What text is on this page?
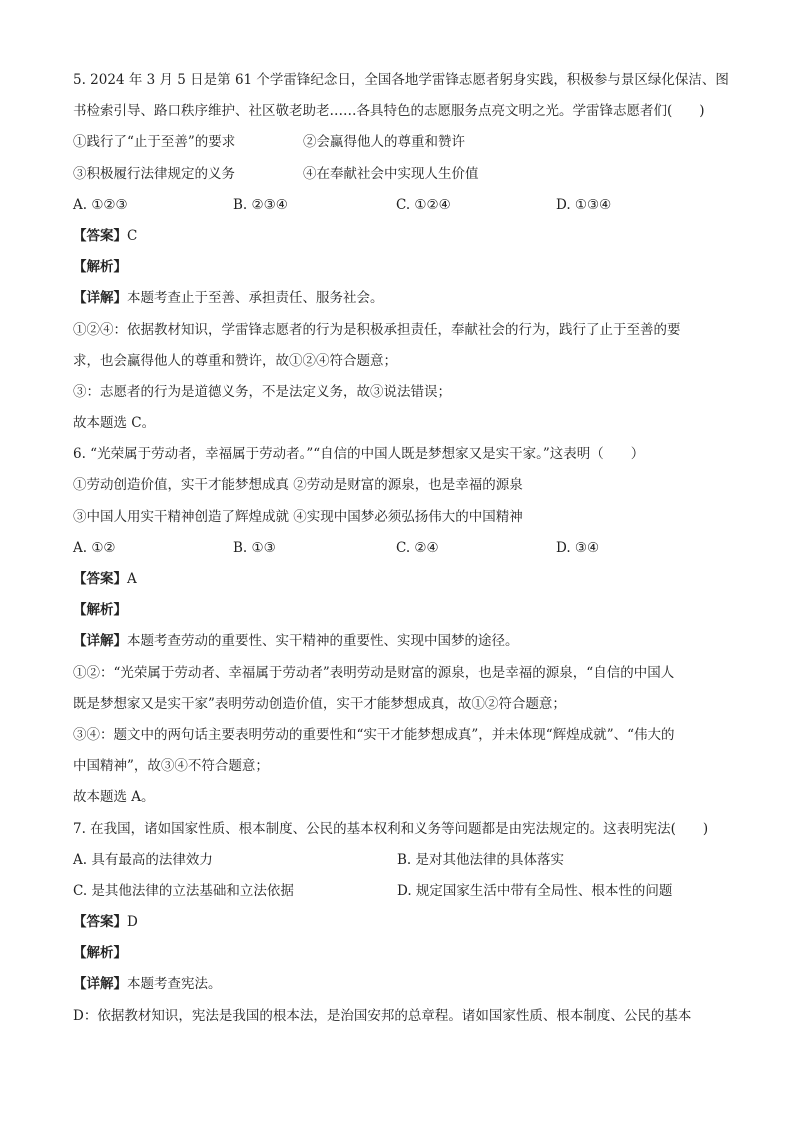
5. 2024 年 3 月 5 日是第 61 个学雷锋纪念日，全国各地学雷锋志愿者躬身实践，积极参与景区绿化保洁、图
书检索引导、路口秩序维护、社区敬老助老……各具特色的志愿服务点亮文明之光。学雷锋志愿者们(　　)
①践行了“止于至善”的要求	②会赢得他人的尊重和赞许
③积极履行法律规定的义务	④在奉献社会中实现人生价值
A. ①②③	B. ②③④	C. ①②④	D. ①③④
【答案】C
【解析】
【详解】本题考查止于至善、承担责任、服务社会。
①②④：依据教材知识，学雷锋志愿者的行为是积极承担责任，奉献社会的行为，践行了止于至善的要
求，也会赢得他人的尊重和赞许，故①②④符合题意；
③：志愿者的行为是道德义务，不是法定义务，故③说法错误；
故本题选 C。
6. “光荣属于劳动者，幸福属于劳动者。”“自信的中国人既是梦想家又是实干家。”这表明（　　）
①劳动创造价值，实干才能梦想成真 ②劳动是财富的源泉，也是幸福的源泉
③中国人用实干精神创造了辉煌成就 ④实现中国梦必须弘扬伟大的中国精神
A. ①②	B. ①③	C. ②④	D. ③④
【答案】A
【解析】
【详解】本题考查劳动的重要性、实干精神的重要性、实现中国梦的途径。
①②：“光荣属于劳动者、幸福属于劳动者”表明劳动是财富的源泉，也是幸福的源泉，“自信的中国人
既是梦想家又是实干家”表明劳动创造价值，实干才能梦想成真，故①②符合题意；
③④：题文中的两句话主要表明劳动的重要性和“实干才能梦想成真”，并未体现“辉煌成就”、“伟大的
中国精神”，故③④不符合题意；
故本题选 A。
7. 在我国，诸如国家性质、根本制度、公民的基本权利和义务等问题都是由宪法规定的。这表明宪法(　　)
A. 具有最高的法律效力	B. 是对其他法律的具体落实
C. 是其他法律的立法基础和立法依据	D. 规定国家生活中带有全局性、根本性的问题
【答案】D
【解析】
【详解】本题考查宪法。
D：依据教材知识，宪法是我国的根本法，是治国安邦的总章程。诸如国家性质、根本制度、公民的基本
